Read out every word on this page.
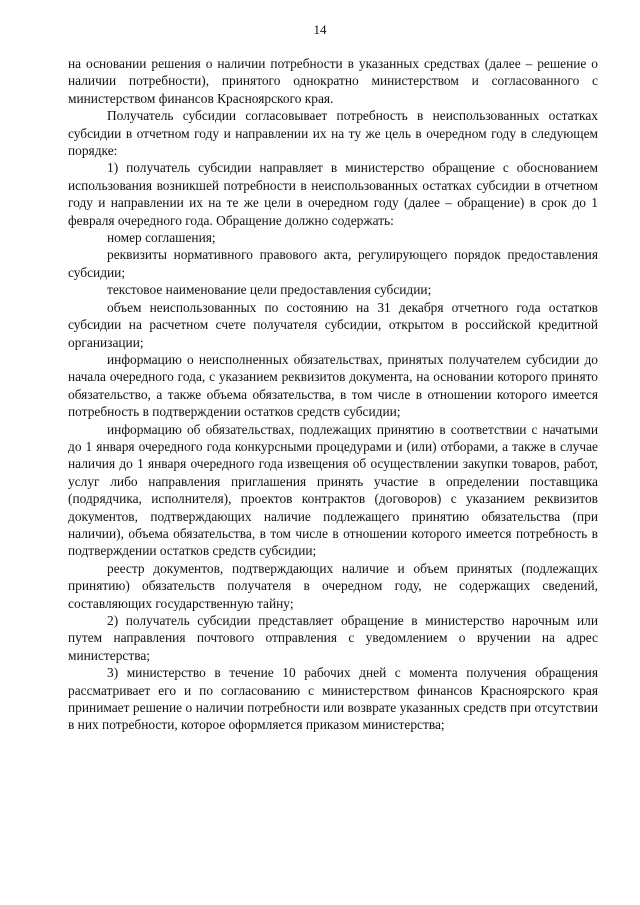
14

на основании решения о наличии потребности в указанных средствах (далее – решение о наличии потребности), принятого однократно министерством и согласованного с министерством финансов Красноярского края.

Получатель субсидии согласовывает потребность в неиспользованных остатках субсидии в отчетном году и направлении их на ту же цель в очередном году в следующем порядке:

1) получатель субсидии направляет в министерство обращение с обоснованием использования возникшей потребности в неиспользованных остатках субсидии в отчетном году и направлении их на те же цели в очередном году (далее – обращение) в срок до 1 февраля очередного года. Обращение должно содержать:

номер соглашения;

реквизиты нормативного правового акта, регулирующего порядок предоставления субсидии;

текстовое наименование цели предоставления субсидии;

объем неиспользованных по состоянию на 31 декабря отчетного года остатков субсидии на расчетном счете получателя субсидии, открытом в российской кредитной организации;

информацию о неисполненных обязательствах, принятых получателем субсидии до начала очередного года, с указанием реквизитов документа, на основании которого принято обязательство, а также объема обязательства, в том числе в отношении которого имеется потребность в подтверждении остатков средств субсидии;

информацию об обязательствах, подлежащих принятию в соответствии с начатыми до 1 января очередного года конкурсными процедурами и (или) отборами, а также в случае наличия до 1 января очередного года извещения об осуществлении закупки товаров, работ, услуг либо направления приглашения принять участие в определении поставщика (подрядчика, исполнителя), проектов контрактов (договоров) с указанием реквизитов документов, подтверждающих наличие подлежащего принятию обязательства (при наличии), объема обязательства, в том числе в отношении которого имеется потребность в подтверждении остатков средств субсидии;

реестр документов, подтверждающих наличие и объем принятых (подлежащих принятию) обязательств получателя в очередном году, не содержащих сведений, составляющих государственную тайну;

2) получатель субсидии представляет обращение в министерство нарочным или путем направления почтового отправления с уведомлением о вручении на адрес министерства;

3) министерство в течение 10 рабочих дней с момента получения обращения рассматривает его и по согласованию с министерством финансов Красноярского края принимает решение о наличии потребности или возврате указанных средств при отсутствии в них потребности, которое оформляется приказом министерства;
